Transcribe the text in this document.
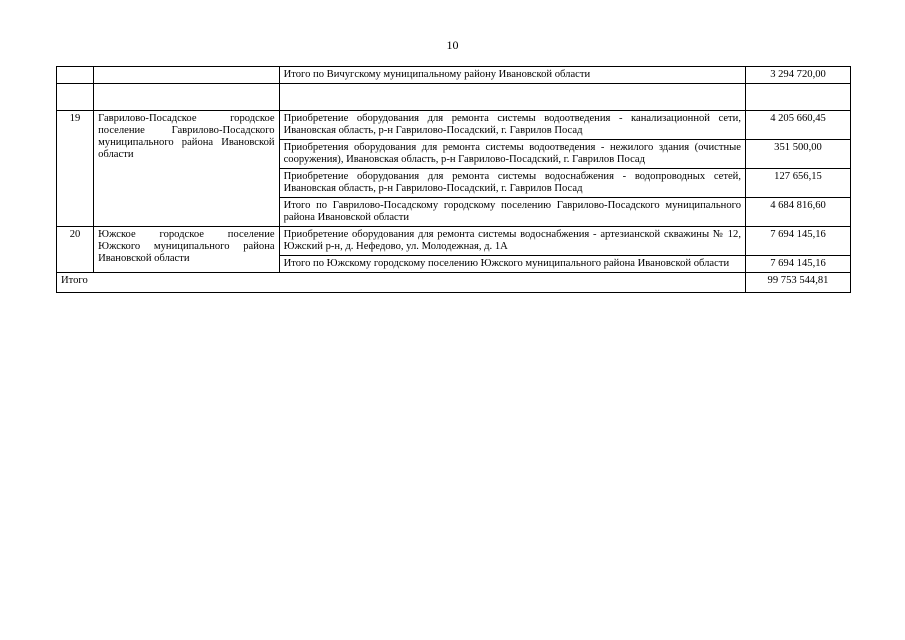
10
		Итого по Вичугскому муниципальному району Ивановской области	3 294 720,00

19	Гаврилово-Посадское городское поселение Гаврилово-Посадского муниципального района Ивановской области	Приобретение оборудования для ремонта системы водоотведения - канализационной сети, Ивановская область, р-н Гаврилово-Посадский, г. Гаврилов Посад	4 205 660,45
		Приобретения оборудования для ремонта системы водоотведения - нежилого здания (очистные сооружения), Ивановская область, р-н Гаврилово-Посадский, г. Гаврилов Посад	351 500,00
		Приобретение оборудования для ремонта системы водоснабжения - водопроводных сетей, Ивановская область, р-н Гаврилово-Посадский, г. Гаврилов Посад	127 656,15
		Итого по Гаврилово-Посадскому городскому поселению Гаврилово-Посадского муниципального района Ивановской области	4 684 816,60
20	Южское городское поселение Южского муниципального района Ивановской области	Приобретение оборудования для ремонта системы водоснабжения - артезианской скважины № 12, Южский р-н, д. Нефедово, ул. Молодежная, д. 1А	7 694 145,16
		Итого по Южскому городскому поселению Южского муниципального района Ивановской области	7 694 145,16
Итого			99 753 544,81
